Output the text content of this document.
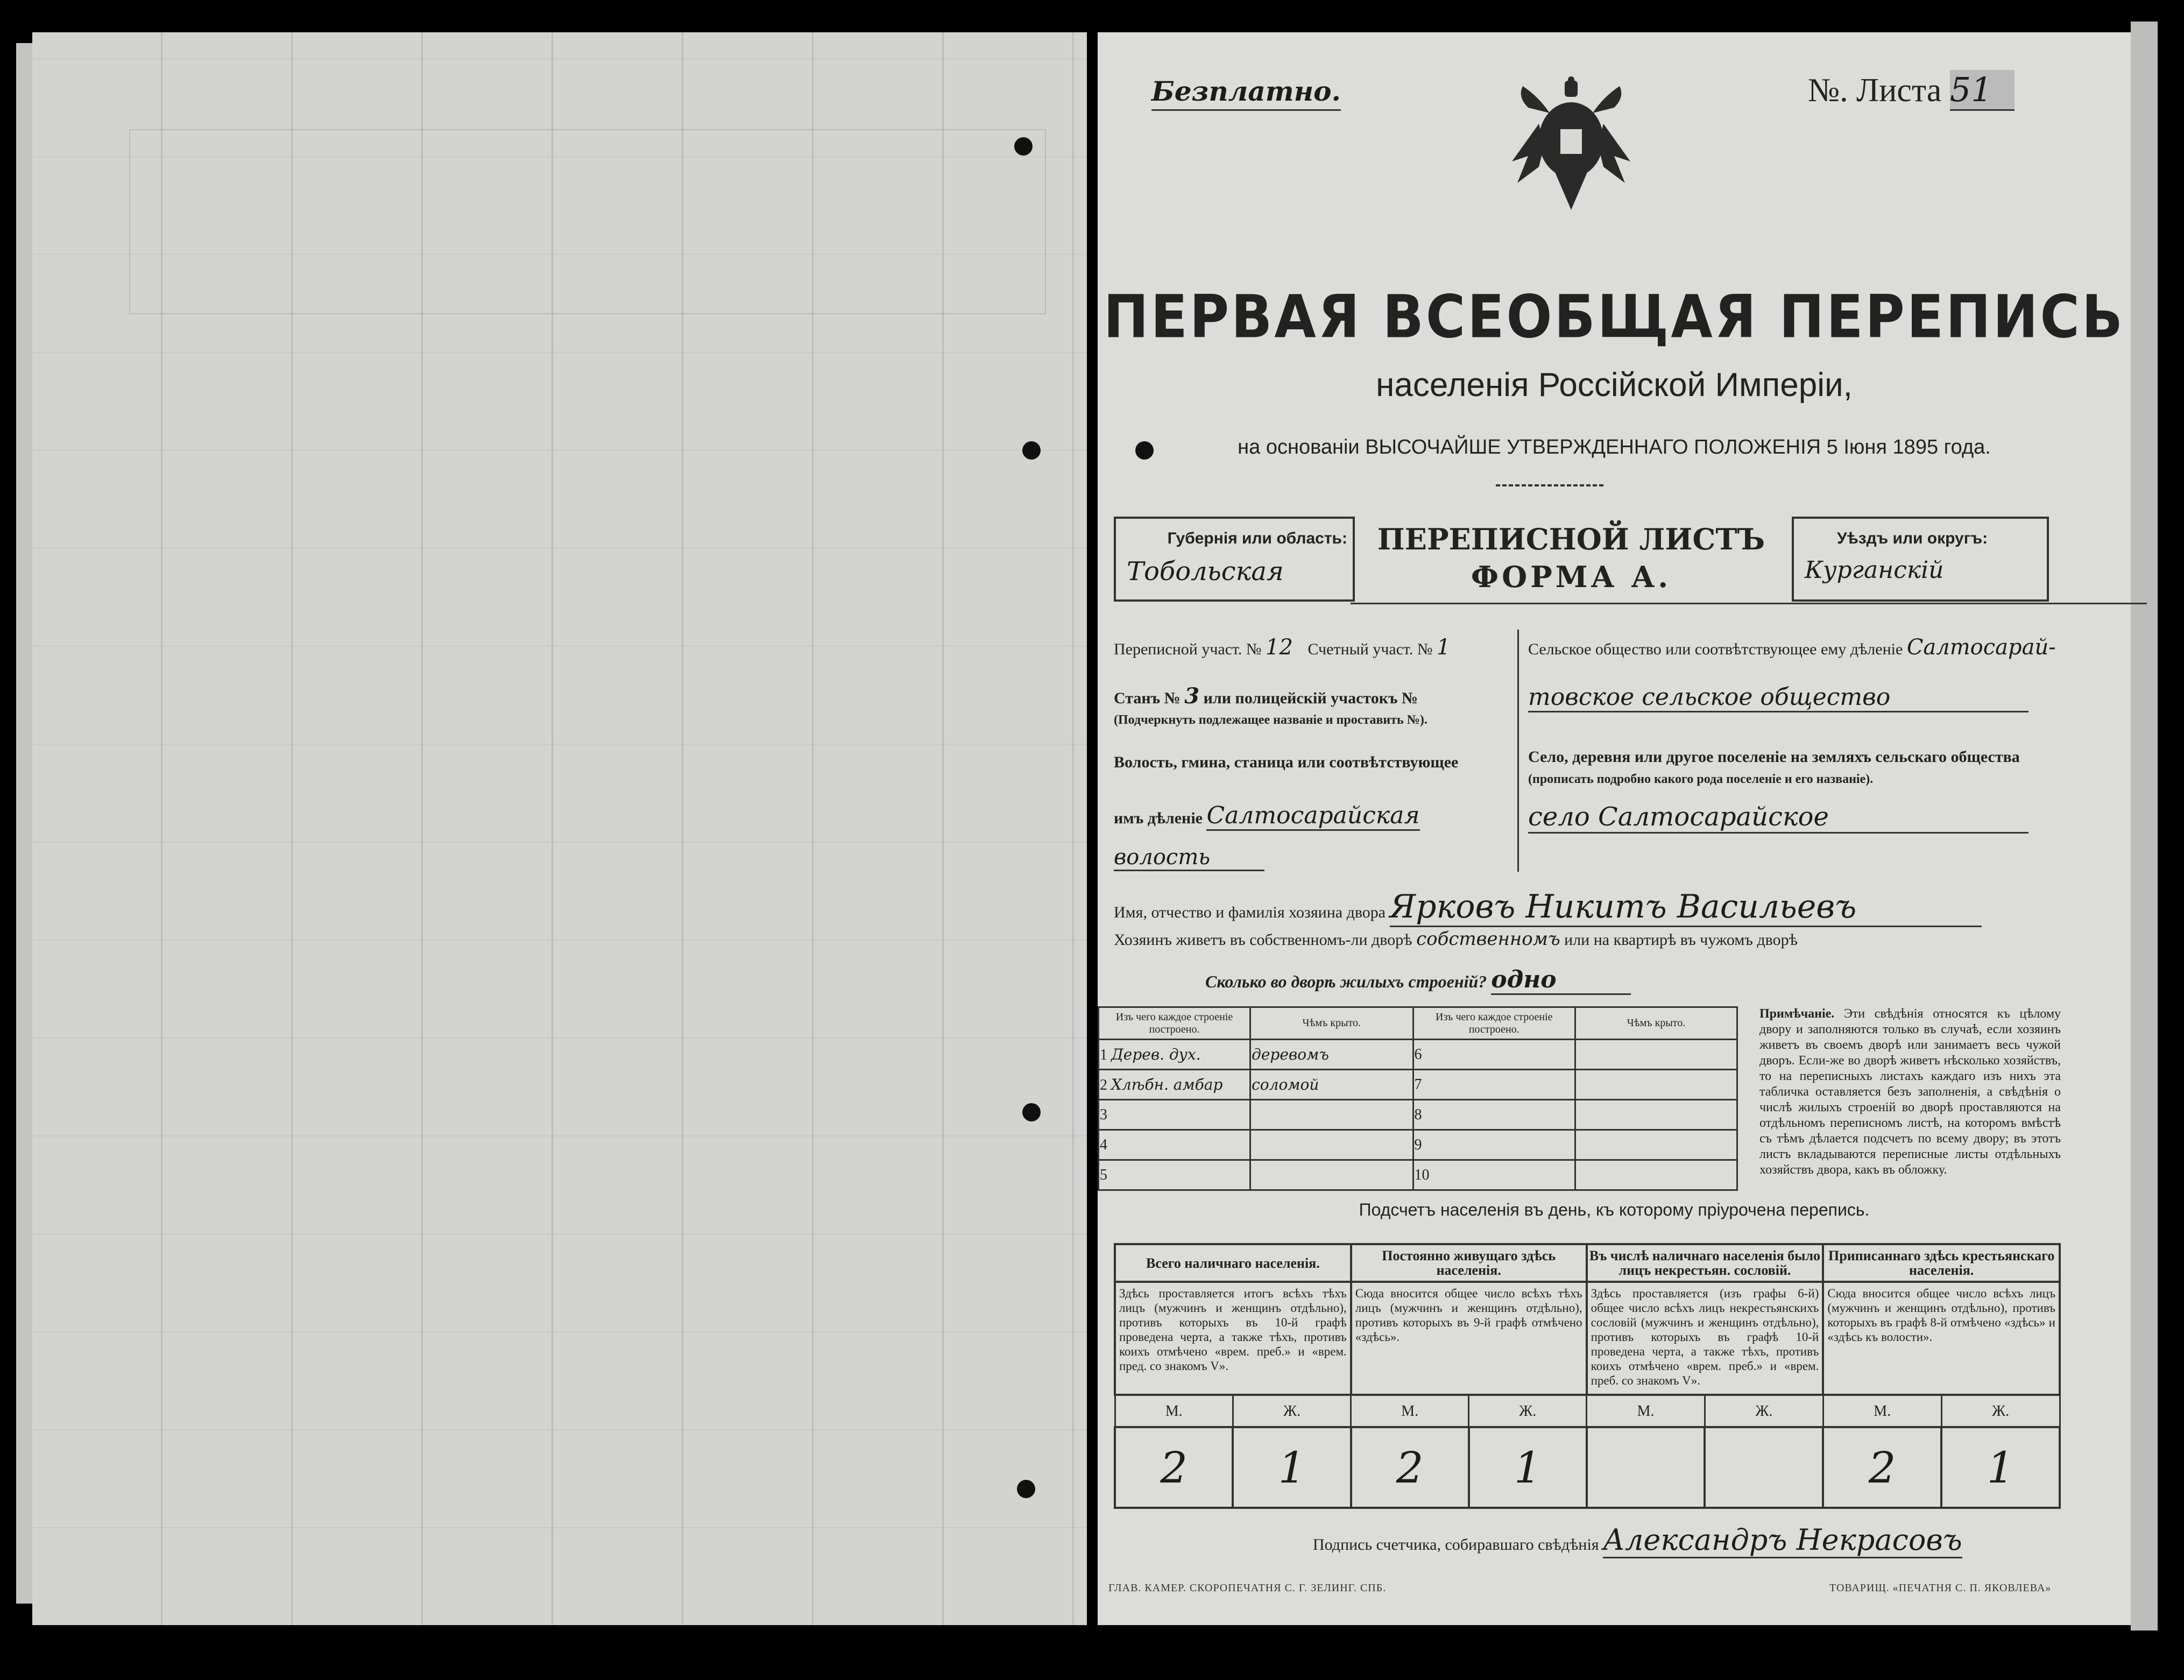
Безплатно.	№. Листа 51
ПЕРВАЯ ВСЕОБЩАЯ ПЕРЕПИСЬ
населенія Россійской Имперіи,
на основаніи ВЫСОЧАЙШЕ УТВЕРЖДЕННАГО ПОЛОЖЕНІЯ 5 Іюня 1895 года.
Губернія или область:
Тобольская
ПЕРЕПИСНОЙ ЛИСТЪ
ФОРМА А.
Уѣздъ или округъ:
Курганскій
Переписной участ. № 12 Счетный участ. № 1
Станъ № 3 или полицейскій участокъ №
(Подчеркнуть подлежащее названіе и проставить №).
Волость, гмина, станица или соотвѣтствующее
имъ дѣленіе Салтосарайская
волость
Сельское общество или соотвѣтствующее ему дѣленіе Салтосарай-
товское сельское общество
Село, деревня или другое поселеніе на земляхъ сельскаго общества
(прописать подробно какого рода поселеніе и его названіе).
село Салтосарайское
Имя, отчество и фамилія хозяина двора Ярковъ Никитъ Васильевъ
Хозяинъ живетъ въ собственномъ-ли дворѣ собственномъ или на квартирѣ въ чужомъ дворѣ
Сколько во дворѣ жилыхъ строеній? одно
Изъ чего каждое строеніе построено.	Чѣмъ крыто.	Изъ чего каждое строеніе построено.	Чѣмъ крыто.
1 Дерев. дух.	деревомъ	6	
2 Хлѣбн. амбар	соломой	7	
3		8	
4		9	
5		10	
Примѣчаніе. Эти свѣдѣнія относятся къ цѣлому двору и заполняются только въ случаѣ, если хозяинъ живетъ въ своемъ дворѣ или занимаетъ весь чужой дворъ. Если-же во дворѣ живетъ нѣсколько хозяйствъ, то на переписныхъ листахъ каждаго изъ нихъ эта табличка оставляется безъ заполненія, а свѣдѣнія о числѣ жилыхъ строеній во дворѣ проставляются на отдѣльномъ переписномъ листѣ, на которомъ вмѣстѣ съ тѣмъ дѣлается подсчетъ по всему двору; въ этотъ листъ вкладываются переписные листы отдѣльныхъ хозяйствъ двора, какъ въ обложку.
Подсчетъ населенія въ день, къ которому пріурочена перепись.
Всего наличнаго населенія.		Постоянно живущаго здѣсь населенія.		Въ числѣ наличнаго населенія было лицъ некрестьян. сословій.		Приписаннаго здѣсь крестьянскаго населенія.	
Здѣсь проставляется итогъ всѣхъ тѣхъ лицъ (мужчинъ и женщинъ отдѣльно), противъ которыхъ въ 10-й графѣ проведена черта, а также тѣхъ, противъ коихъ отмѣчено «врем. преб.» и «врем. пред. со знакомъ V».		Сюда вносится общее число всѣхъ тѣхъ лицъ (мужчинъ и женщинъ отдѣльно), противъ которыхъ въ 9-й графѣ отмѣчено «здѣсь».		Здѣсь проставляется (изъ графы 6-й) общее число всѣхъ лицъ некрестьянскихъ сословій (мужчинъ и женщинъ отдѣльно), противъ которыхъ въ графѣ 10-й проведена черта, а также тѣхъ, противъ коихъ отмѣчено «врем. преб.» и «врем. преб. со знакомъ V».		Сюда вносится общее число всѣхъ лицъ (мужчинъ и женщинъ отдѣльно), противъ которыхъ въ графѣ 8-й отмѣчено «здѣсь» и «здѣсь къ волости».	
М.	Ж.	М.	Ж.	М.	Ж.	М.	Ж.
2	1	2	1			2	1
Подпись счетчика, собиравшаго свѣдѣнія Александръ Некрасовъ
ГЛАВ. КАМЕР. СКОРОПЕЧАТНЯ С. Г. ЗЕЛИНГ. СПБ.	ТОВАРИЩ. «ПЕЧАТНЯ С. П. ЯКОВЛЕВА»
